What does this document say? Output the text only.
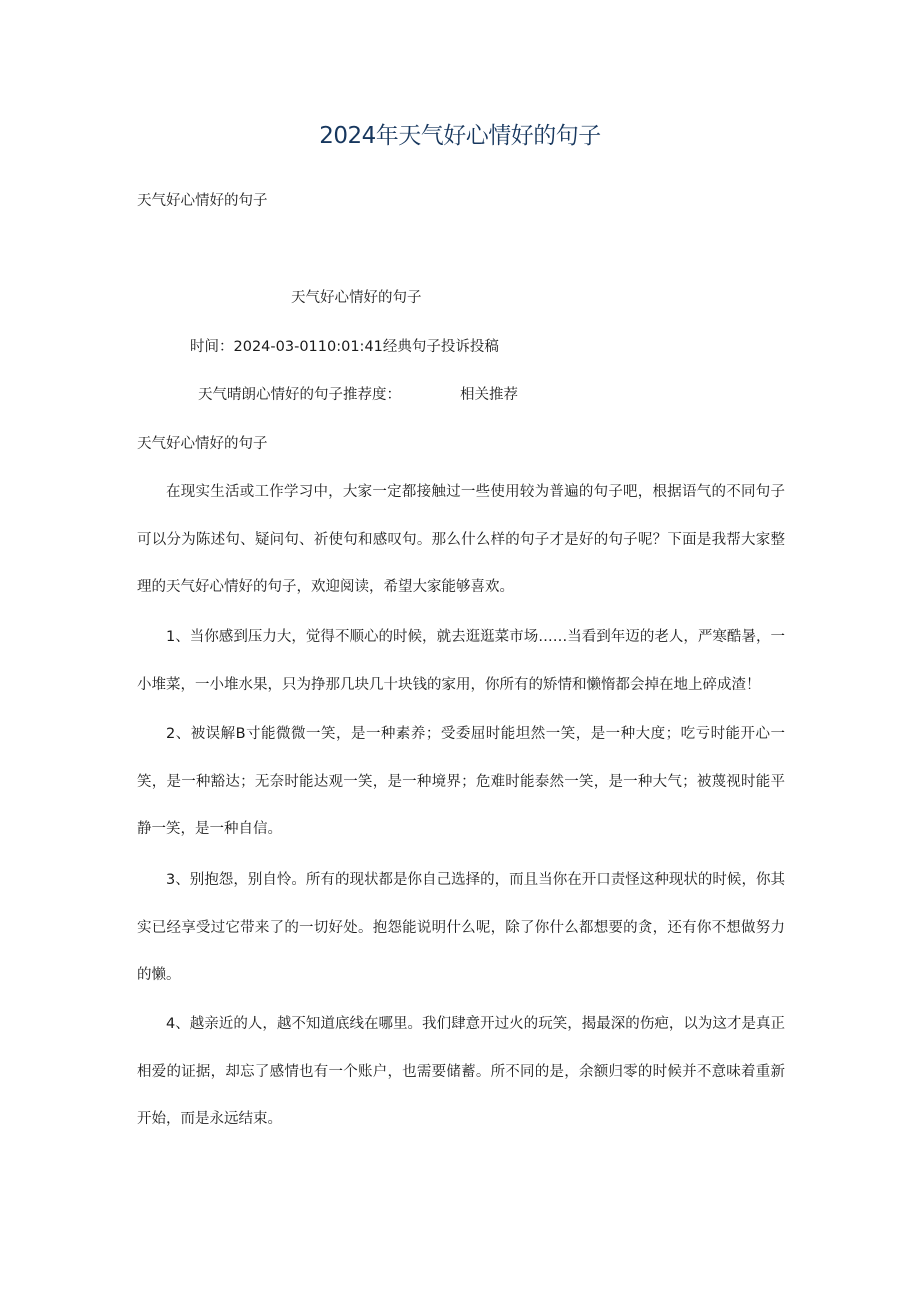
2024年天气好心情好的句子

天气好心情好的句子

天气好心情好的句子

时间：2024-03-0110:01:41经典句子投诉投稿

天气晴朗心情好的句子推荐度：	相关推荐

天气好心情好的句子

在现实生活或工作学习中，大家一定都接触过一些使用较为普遍的句子吧，根据语气的不同句子可以分为陈述句、疑问句、祈使句和感叹句。那么什么样的句子才是好的句子呢？下面是我帮大家整理的天气好心情好的句子，欢迎阅读，希望大家能够喜欢。

1、当你感到压力大，觉得不顺心的时候，就去逛逛菜市场……当看到年迈的老人，严寒酷暑，一小堆菜，一小堆水果，只为挣那几块几十块钱的家用，你所有的矫情和懒惰都会掉在地上碎成渣！

2、被误解B寸能微微一笑，是一种素养；受委屈时能坦然一笑，是一种大度；吃亏时能开心一笑，是一种豁达；无奈时能达观一笑，是一种境界；危难时能泰然一笑，是一种大气；被蔑视时能平静一笑，是一种自信。

3、别抱怨，别自怜。所有的现状都是你自己选择的，而且当你在开口责怪这种现状的时候，你其实已经享受过它带来了的一切好处。抱怨能说明什么呢，除了你什么都想要的贪，还有你不想做努力的懒。

4、越亲近的人，越不知道底线在哪里。我们肆意开过火的玩笑，揭最深的伤疤，以为这才是真正相爱的证据，却忘了感情也有一个账户，也需要储蓄。所不同的是，余额归零的时候并不意味着重新开始，而是永远结束。
